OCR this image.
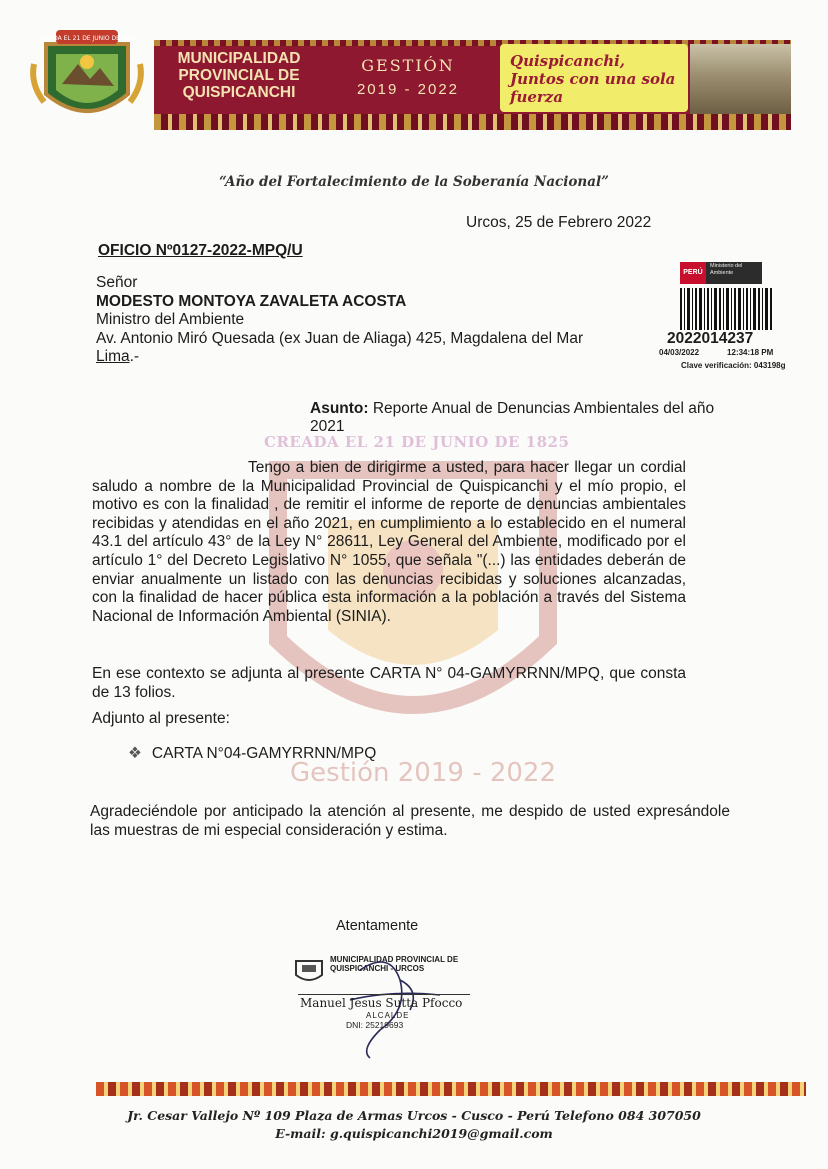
CREADA EL 21 DE JUNIO DE 1825
MUNICIPALIDAD PROVINCIAL DE QUISPICANCHI
GESTIÓN
2019 - 2022
Quispicanchi, Juntos con una sola fuerza
CREADA EL 21 DE JUNIO DE 1825
Gestión 2019 - 2022
“Año del Fortalecimiento de la Soberanía Nacional”
Urcos, 25 de Febrero 2022
OFICIO Nº0127-2022-MPQ/U
Señor
MODESTO MONTOYA ZAVALETA ACOSTA
Ministro del Ambiente
Av. Antonio Miró Quesada (ex Juan de Aliaga) 425, Magdalena del Mar
Lima.-
PERÚ
Ministerio del Ambiente
2022014237
04/03/2022	12:34:18 PM
Clave verificación: 043198g
Asunto: Reporte Anual de Denuncias Ambientales del año 2021
Tengo a bien de dirigirme a usted, para hacer llegar un cordial saludo a nombre de la Municipalidad Provincial de Quispicanchi y el mío propio, el motivo es con la finalidad , de remitir el informe de reporte de denuncias ambientales recibidas y atendidas en el año 2021, en cumplimiento a lo establecido en el numeral 43.1 del artículo 43° de la Ley N° 28611, Ley General del Ambiente, modificado por el artículo 1° del Decreto Legislativo N° 1055, que señala "(...) las entidades deberán de enviar anualmente un listado con las denuncias recibidas y soluciones alcanzadas, con la finalidad de hacer pública esta información a la población a través del Sistema Nacional de Información Ambiental (SINIA).
En ese contexto se adjunta al presente CARTA N° 04-GAMYRRNN/MPQ, que consta de 13 folios.
Adjunto al presente:
❖ CARTA N°04-GAMYRRNN/MPQ
Agradeciéndole por anticipado la atención al presente, me despido de usted expresándole las muestras de mi especial consideración y estima.
Atentamente
MUNICIPALIDAD PROVINCIAL DE
QUISPICANCHI - URCOS
Manuel Jesus Sutta Pfocco
ALCALDE
DNI: 25219693
Jr. Cesar Vallejo Nº 109 Plaza de Armas Urcos - Cusco - Perú Telefono 084 307050
E-mail: g.quispicanchi2019@gmail.com
